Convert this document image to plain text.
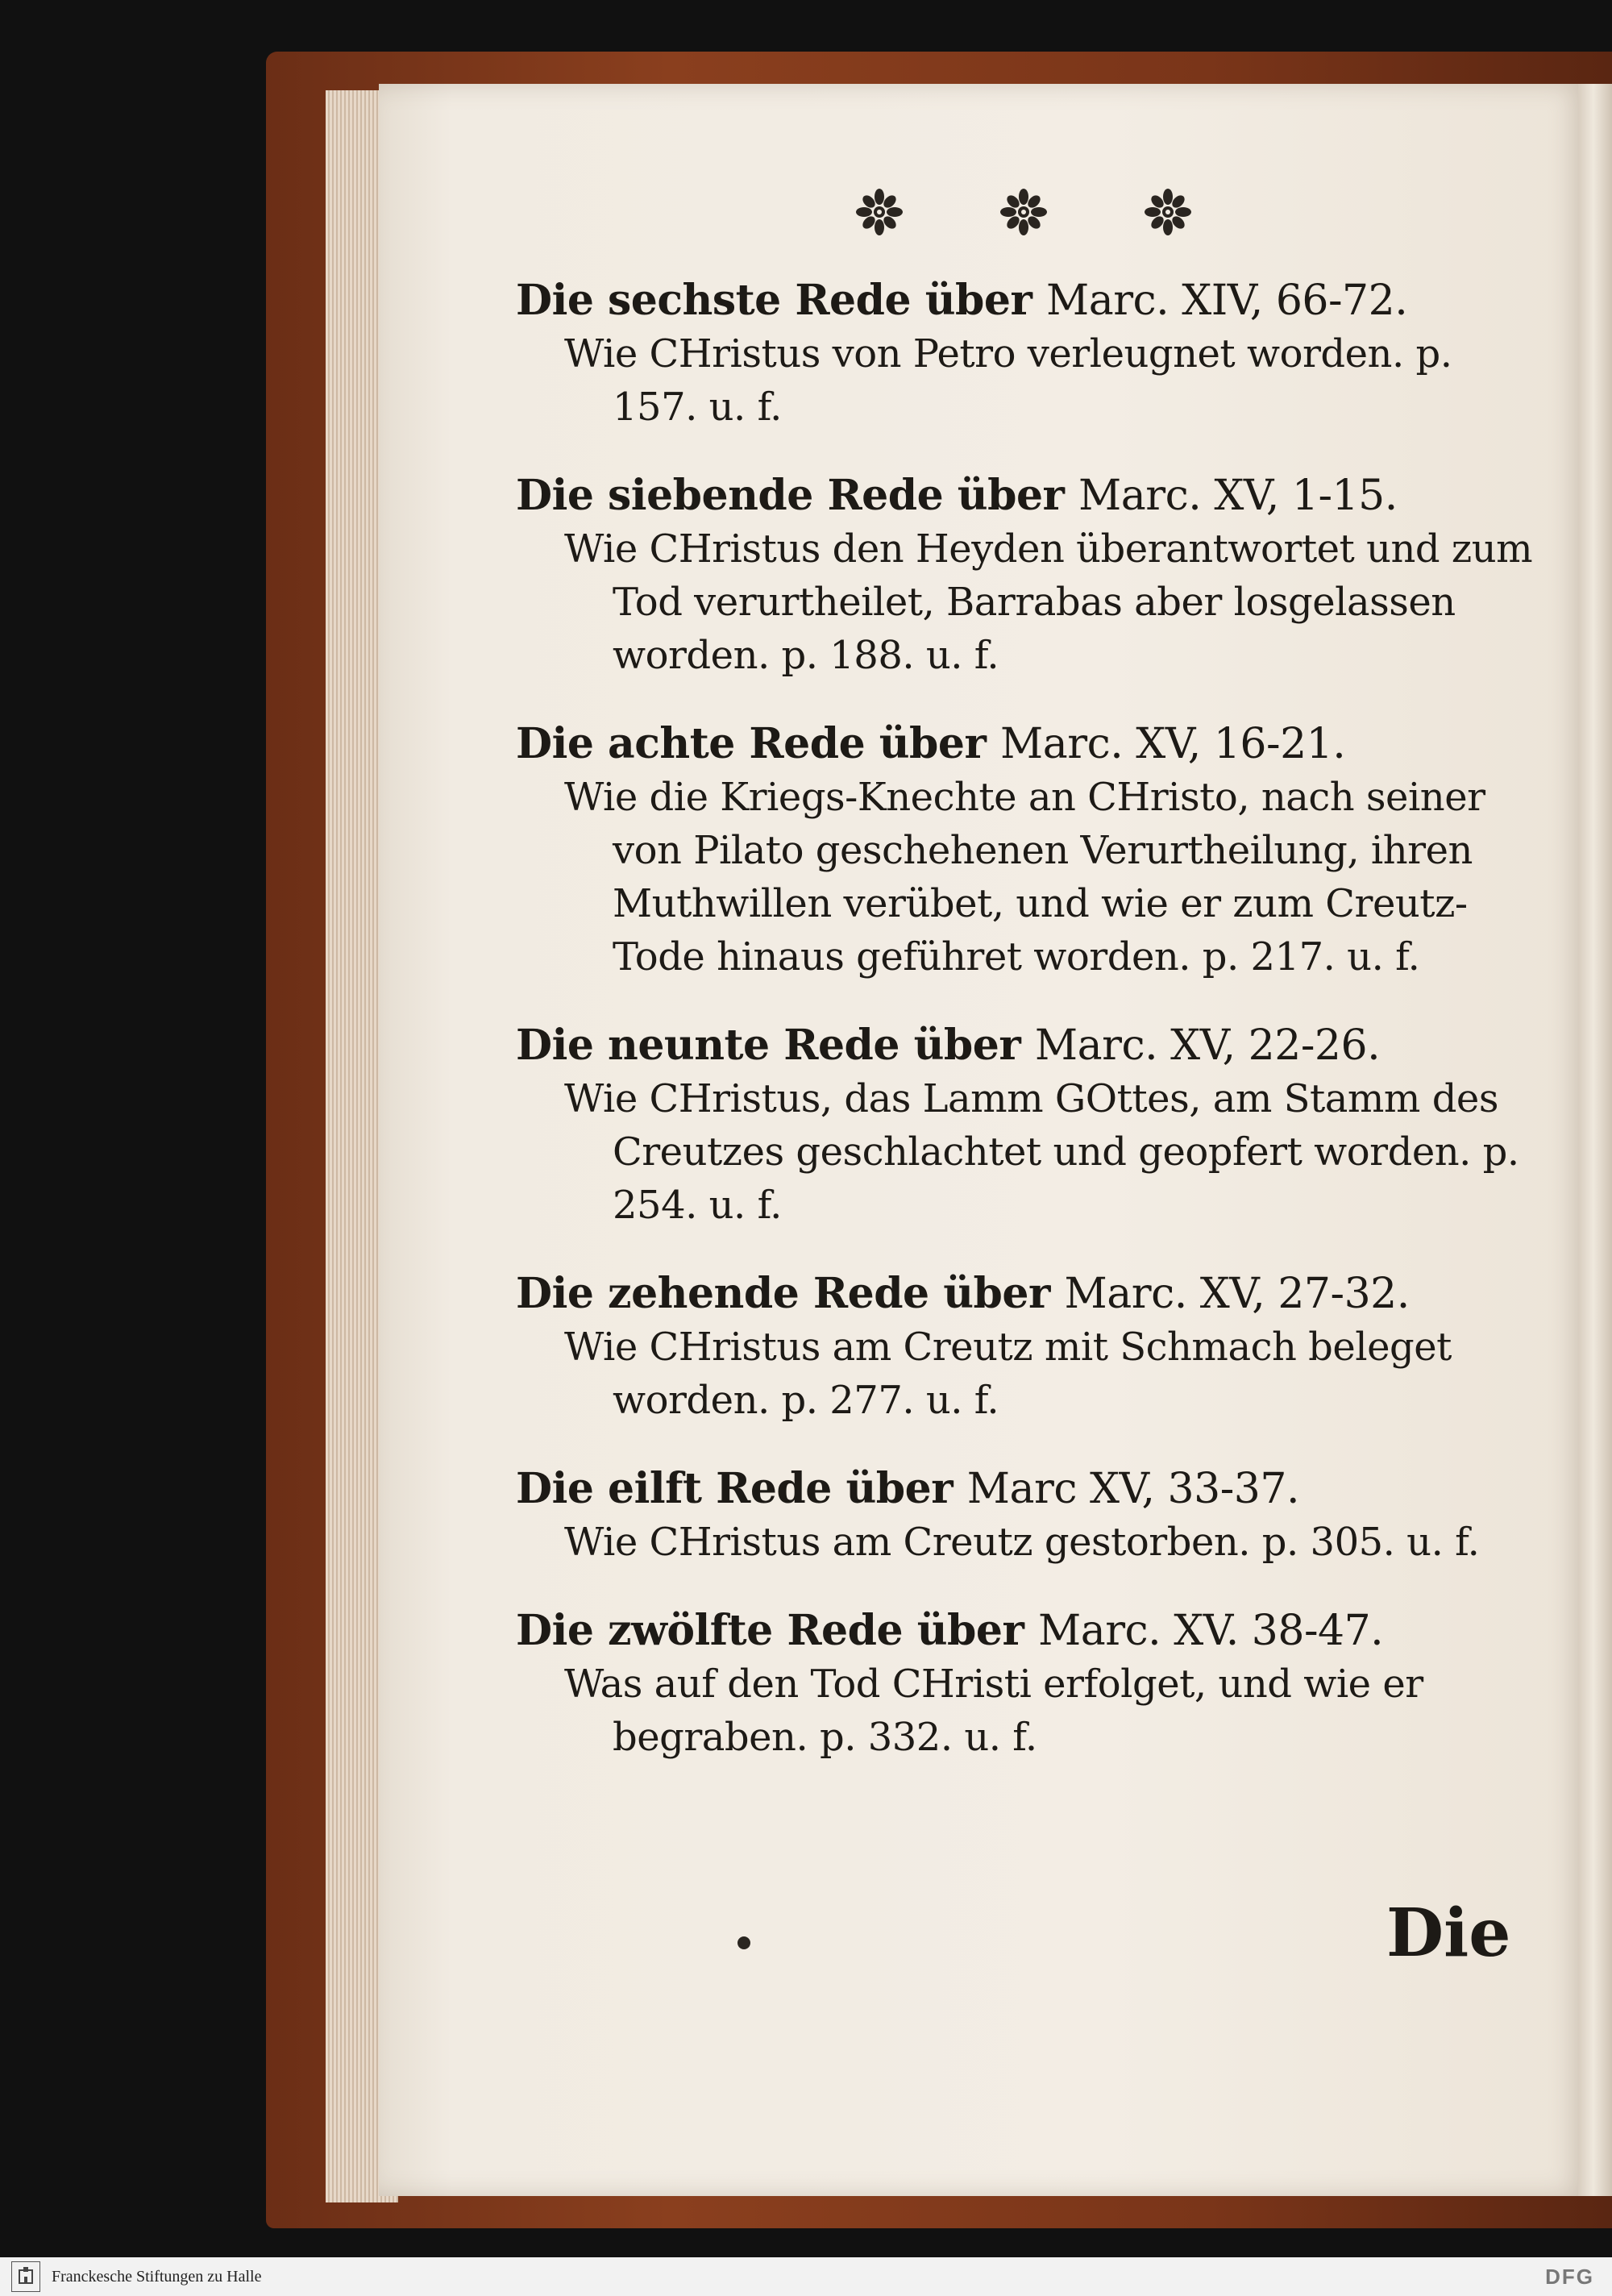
Die sechste Rede über Marc. XIV, 66-72.
Wie CHristus von Petro verleugnet worden. p. 157. u. f.
Die siebende Rede über Marc. XV, 1-15.
Wie CHristus den Heyden überantwortet und zum Tod verurtheilet, Barrabas aber losgelassen worden. p. 188. u. f.
Die achte Rede über Marc. XV, 16-21.
Wie die Kriegs-Knechte an CHristo, nach seiner von Pilato geschehenen Verurtheilung, ihren Muthwillen verübet, und wie er zum Creutz-Tode hinaus geführet worden. p. 217. u. f.
Die neunte Rede über Marc. XV, 22-26.
Wie CHristus, das Lamm GOttes, am Stamm des Creutzes geschlachtet und geopfert worden. p. 254. u. f.
Die zehende Rede über Marc. XV, 27-32.
Wie CHristus am Creutz mit Schmach beleget worden. p. 277. u. f.
Die eilft Rede über Marc XV, 33-37.
Wie CHristus am Creutz gestorben. p. 305. u. f.
Die zwölfte Rede über Marc. XV. 38-47.
Was auf den Tod CHristi erfolget, und wie er begraben. p. 332. u. f.
Die
Franckesche Stiftungen zu Halle	DFG
